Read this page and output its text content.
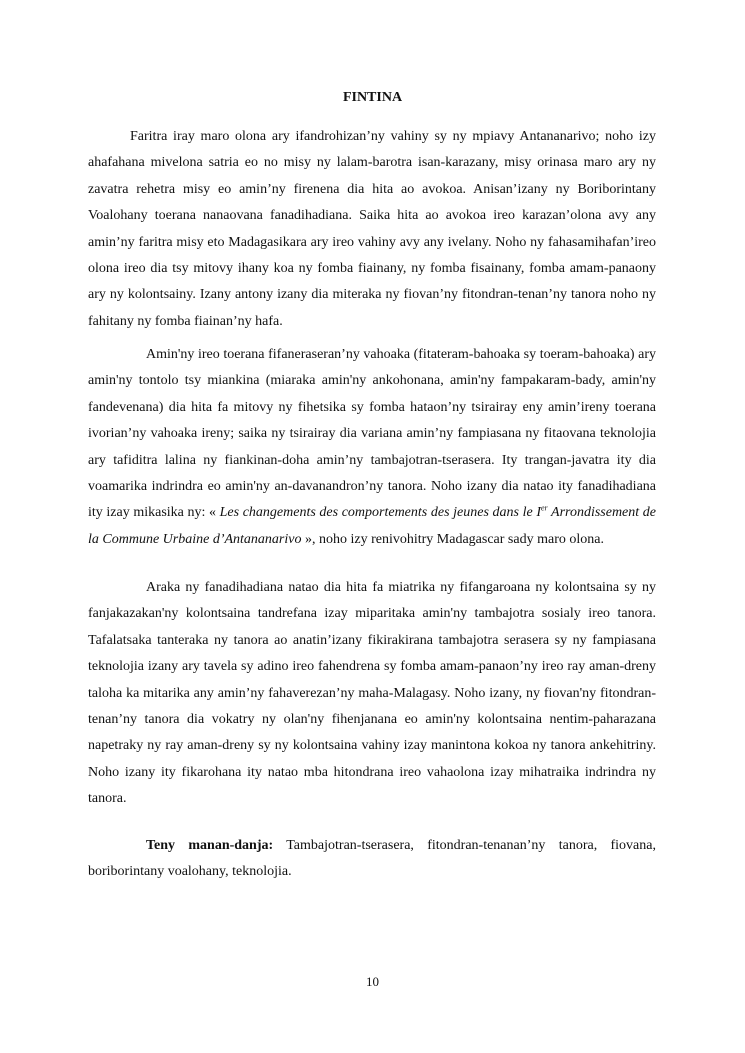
FINTINA

Faritra iray maro olona ary ifandrohizan’ny vahiny sy ny mpiavy Antananarivo; noho izy ahafahana mivelona satria eo no misy ny lalam-barotra isan-karazany, misy orinasa maro ary ny zavatra rehetra misy eo amin’ny firenena dia hita ao avokoa. Anisan’izany ny Boriborintany Voalohany toerana nanaovana fanadihadiana. Saika hita ao avokoa ireo karazan’olona avy any amin’ny faritra misy eto Madagasikara ary ireo vahiny avy any ivelany. Noho ny fahasamihafan’ireo olona ireo dia tsy mitovy ihany koa ny fomba fiainany, ny fomba fisainany, fomba amam-panaony ary ny kolontsainy. Izany antony izany dia miteraka ny fiovan’ny fitondran-tenan’ny tanora noho ny fahitany ny fomba fiainan’ny hafa.

Amin'ny ireo toerana fifaneraseran’ny vahoaka (fitateram-bahoaka sy toeram-bahoaka) ary amin'ny tontolo tsy miankina (miaraka amin'ny ankohonana, amin'ny fampakaram-bady, amin'ny fandevenana) dia hita fa mitovy ny fihetsika sy fomba hataon’ny tsirairay eny amin’ireny toerana ivorian’ny vahoaka ireny; saika ny tsirairay dia variana amin’ny fampiasana ny fitaovana teknolojia ary tafiditra lalina ny fiankinan-doha amin’ny tambajotran-tserasera. Ity trangan-javatra ity dia voamarika indrindra eo amin'ny an-davanandron’ny tanora. Noho izany dia natao ity fanadihadiana ity izay mikasika ny: « Les changements des comportements des jeunes dans le Ier Arrondissement de la Commune Urbaine d’Antananarivo », noho izy renivohitry Madagascar sady maro olona.

Araka ny fanadihadiana natao dia hita fa miatrika ny fifangaroana ny kolontsaina sy ny fanjakazakan'ny kolontsaina tandrefana izay miparitaka amin'ny tambajotra sosialy ireo tanora. Tafalatsaka tanteraka ny tanora ao anatin’izany fikirakirana tambajotra serasera sy ny fampiasana teknolojia izany ary tavela sy adino ireo fahendrena sy fomba amam-panaon’ny ireo ray aman-dreny taloha ka mitarika any amin’ny fahaverezan’ny maha-Malagasy. Noho izany, ny fiovan'ny fitondran-tenan’ny tanora dia vokatry ny olan'ny fihenjanana eo amin'ny kolontsaina nentim-paharazana napetraky ny ray aman-dreny sy ny kolontsaina vahiny izay manintona kokoa ny tanora ankehitriny. Noho izany ity fikarohana ity natao mba hitondrana ireo vahaolona izay mihatraika indrindra ny tanora.

Teny manan-danja: Tambajotran-tserasera, fitondran-tenanan’ny tanora, fiovana, boriborintany voalohany, teknolojia.

10
